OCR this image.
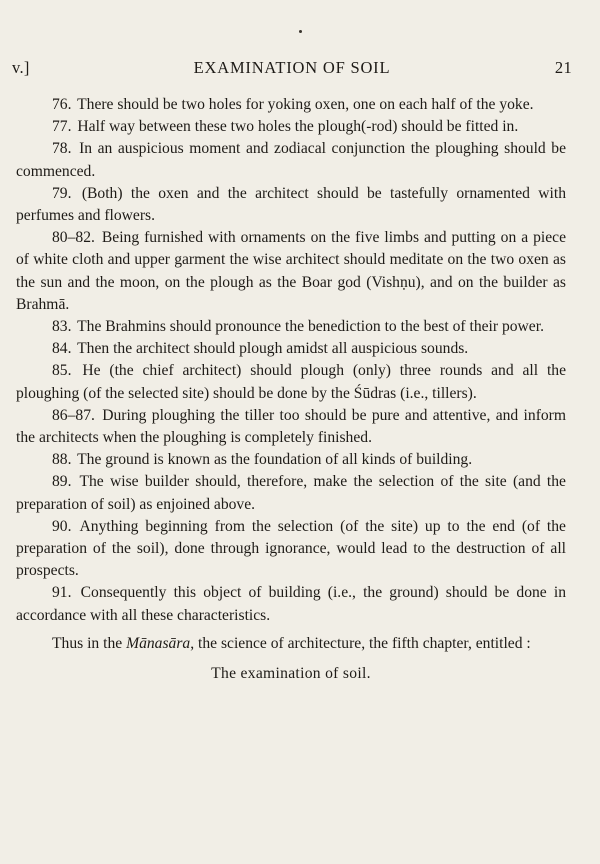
v.]	EXAMINATION OF SOIL	21

76. There should be two holes for yoking oxen, one on each half of the yoke.

77. Half way between these two holes the plough(-rod) should be fitted in.

78. In an auspicious moment and zodiacal conjunction the ploughing should be commenced.

79. (Both) the oxen and the architect should be tastefully ornamented with perfumes and flowers.

80–82. Being furnished with ornaments on the five limbs and putting on a piece of white cloth and upper garment the wise architect should meditate on the two oxen as the sun and the moon, on the plough as the Boar god (Vishṇu), and on the builder as Brahmā.

83. The Brahmins should pronounce the benediction to the best of their power.

84. Then the architect should plough amidst all auspicious sounds.

85. He (the chief architect) should plough (only) three rounds and all the ploughing (of the selected site) should be done by the Śūdras (i.e., tillers).

86–87. During ploughing the tiller too should be pure and attentive, and inform the architects when the ploughing is completely finished.

88. The ground is known as the foundation of all kinds of building.

89. The wise builder should, therefore, make the selection of the site (and the preparation of soil) as enjoined above.

90. Anything beginning from the selection (of the site) up to the end (of the preparation of the soil), done through ignorance, would lead to the destruction of all prospects.

91. Consequently this object of building (i.e., the ground) should be done in accordance with all these characteristics.

Thus in the Mānasāra, the science of architecture, the fifth chapter, entitled :

The examination of soil.
